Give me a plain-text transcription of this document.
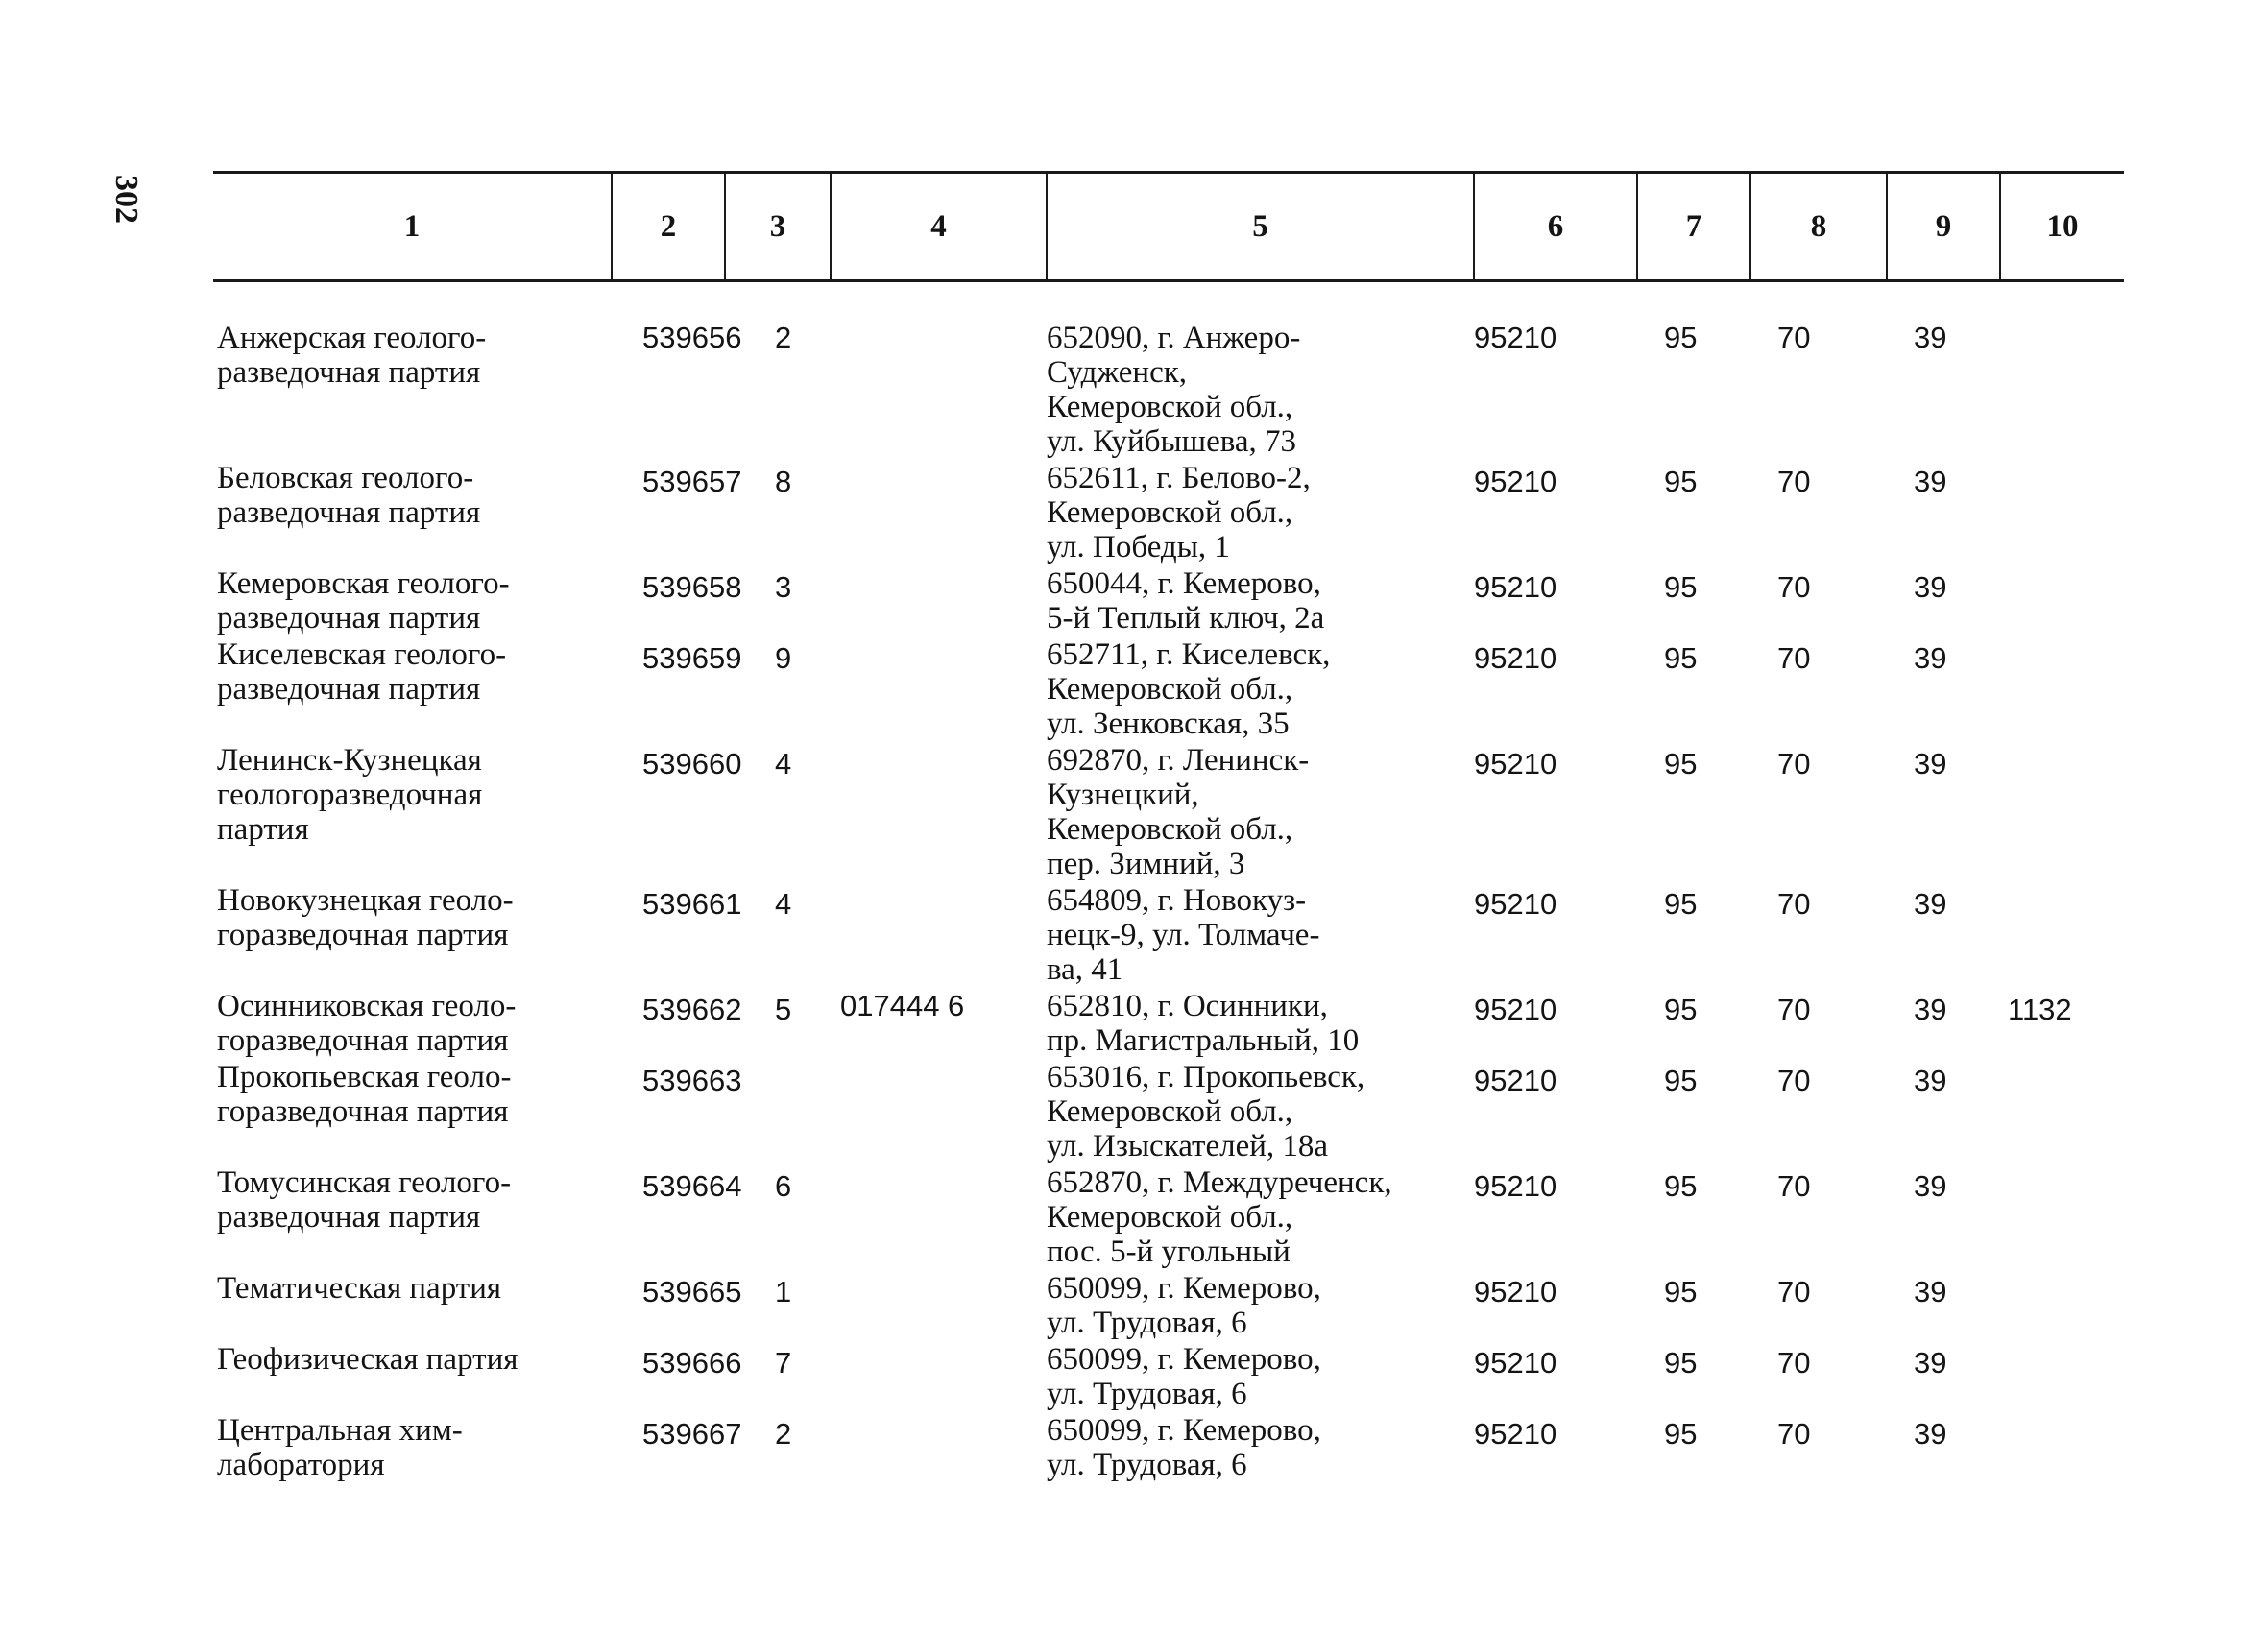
302
1	2	3	4	5	6	7	8	9	10
Анжерская геолого-
разведочная партия	539656	2		652090, г. Анжеро-
Судженск,
Кемеровской обл.,
ул. Куйбышева, 73	95210	95	70	39	
Беловская геолого-
разведочная партия	539657	8		652611, г. Белово-2,
Кемеровской обл.,
ул. Победы, 1	95210	95	70	39	
Кемеровская геолого-
разведочная партия	539658	3		650044, г. Кемерово,
5-й Теплый ключ, 2а	95210	95	70	39	
Киселевская геолого-
разведочная партия	539659	9		652711, г. Киселевск,
Кемеровской обл.,
ул. Зенковская, 35	95210	95	70	39	
Ленинск-Кузнецкая
геологоразведочная
партия	539660	4		692870, г. Ленинск-
Кузнецкий,
Кемеровской обл.,
пер. Зимний, 3	95210	95	70	39	
Новокузнецкая геоло-
горазведочная партия	539661	4		654809, г. Новокуз-
нецк-9, ул. Толмаче-
ва, 41	95210	95	70	39	
Осинниковская геоло-
горазведочная партия	539662	5	017444 6	652810, г. Осинники,
пр. Магистральный, 10	95210	95	70	39	1132
Прокопьевская геоло-
горазведочная партия	539663			653016, г. Прокопьевск,
Кемеровской обл.,
ул. Изыскателей, 18а	95210	95	70	39	
Томусинская геолого-
разведочная партия	539664	6		652870, г. Междуреченск,
Кемеровской обл.,
пос. 5-й угольный	95210	95	70	39	
Тематическая партия	539665	1		650099, г. Кемерово,
ул. Трудовая, 6	95210	95	70	39	
Геофизическая партия	539666	7		650099, г. Кемерово,
ул. Трудовая, 6	95210	95	70	39	
Центральная хим-
лаборатория	539667	2		650099, г. Кемерово,
ул. Трудовая, 6	95210	95	70	39	
